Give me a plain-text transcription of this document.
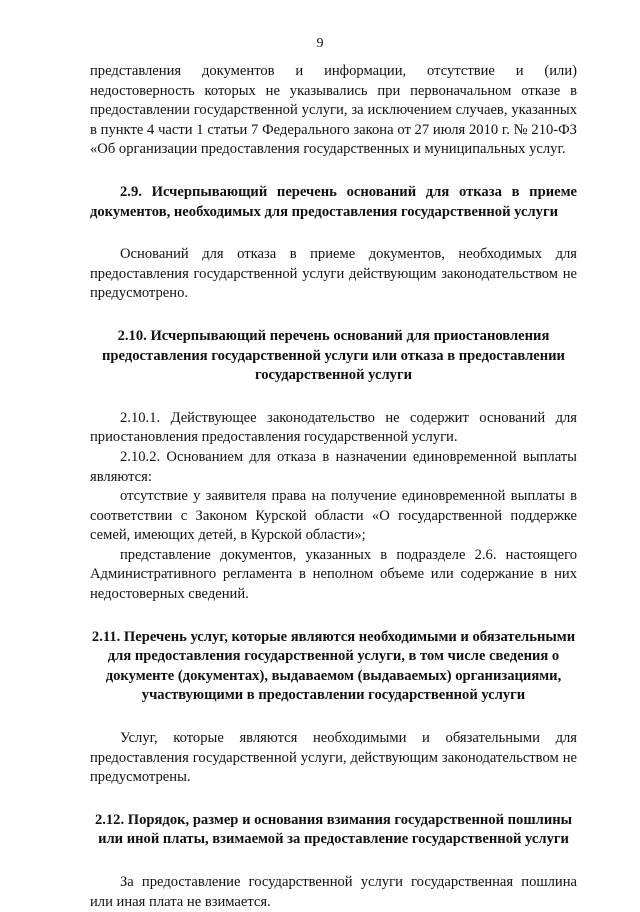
9

представления документов и информации, отсутствие и (или) недостоверность которых не указывались при первоначальном отказе в предоставлении государственной услуги, за исключением случаев, указанных в пункте 4 части 1 статьи 7 Федерального закона от 27 июля 2010 г. № 210-ФЗ «Об организации предоставления государственных и муниципальных услуг.

2.9. Исчерпывающий перечень оснований для отказа в приеме документов, необходимых для предоставления государственной услуги

Оснований для отказа в приеме документов, необходимых для предоставления государственной услуги действующим законодательством не предусмотрено.

2.10. Исчерпывающий перечень оснований для приостановления предоставления государственной услуги или отказа в предоставлении государственной услуги

2.10.1. Действующее законодательство не содержит оснований для приостановления предоставления государственной услуги.

2.10.2. Основанием для отказа в назначении единовременной выплаты являются:

отсутствие у заявителя права на получение единовременной выплаты в соответствии с Законом Курской области «О государственной поддержке семей, имеющих детей, в Курской области»;

представление документов, указанных в подразделе 2.6. настоящего Административного регламента в неполном объеме или содержание в них недостоверных сведений.

2.11. Перечень услуг, которые являются необходимыми и обязательными для предоставления государственной услуги, в том числе сведения о документе (документах), выдаваемом (выдаваемых) организациями, участвующими в предоставлении государственной услуги

Услуг, которые являются необходимыми и обязательными для предоставления государственной услуги, действующим законодательством не предусмотрены.

2.12. Порядок, размер и основания взимания государственной пошлины или иной платы, взимаемой за предоставление государственной услуги

За предоставление государственной услуги государственная пошлина или иная плата не взимается.
